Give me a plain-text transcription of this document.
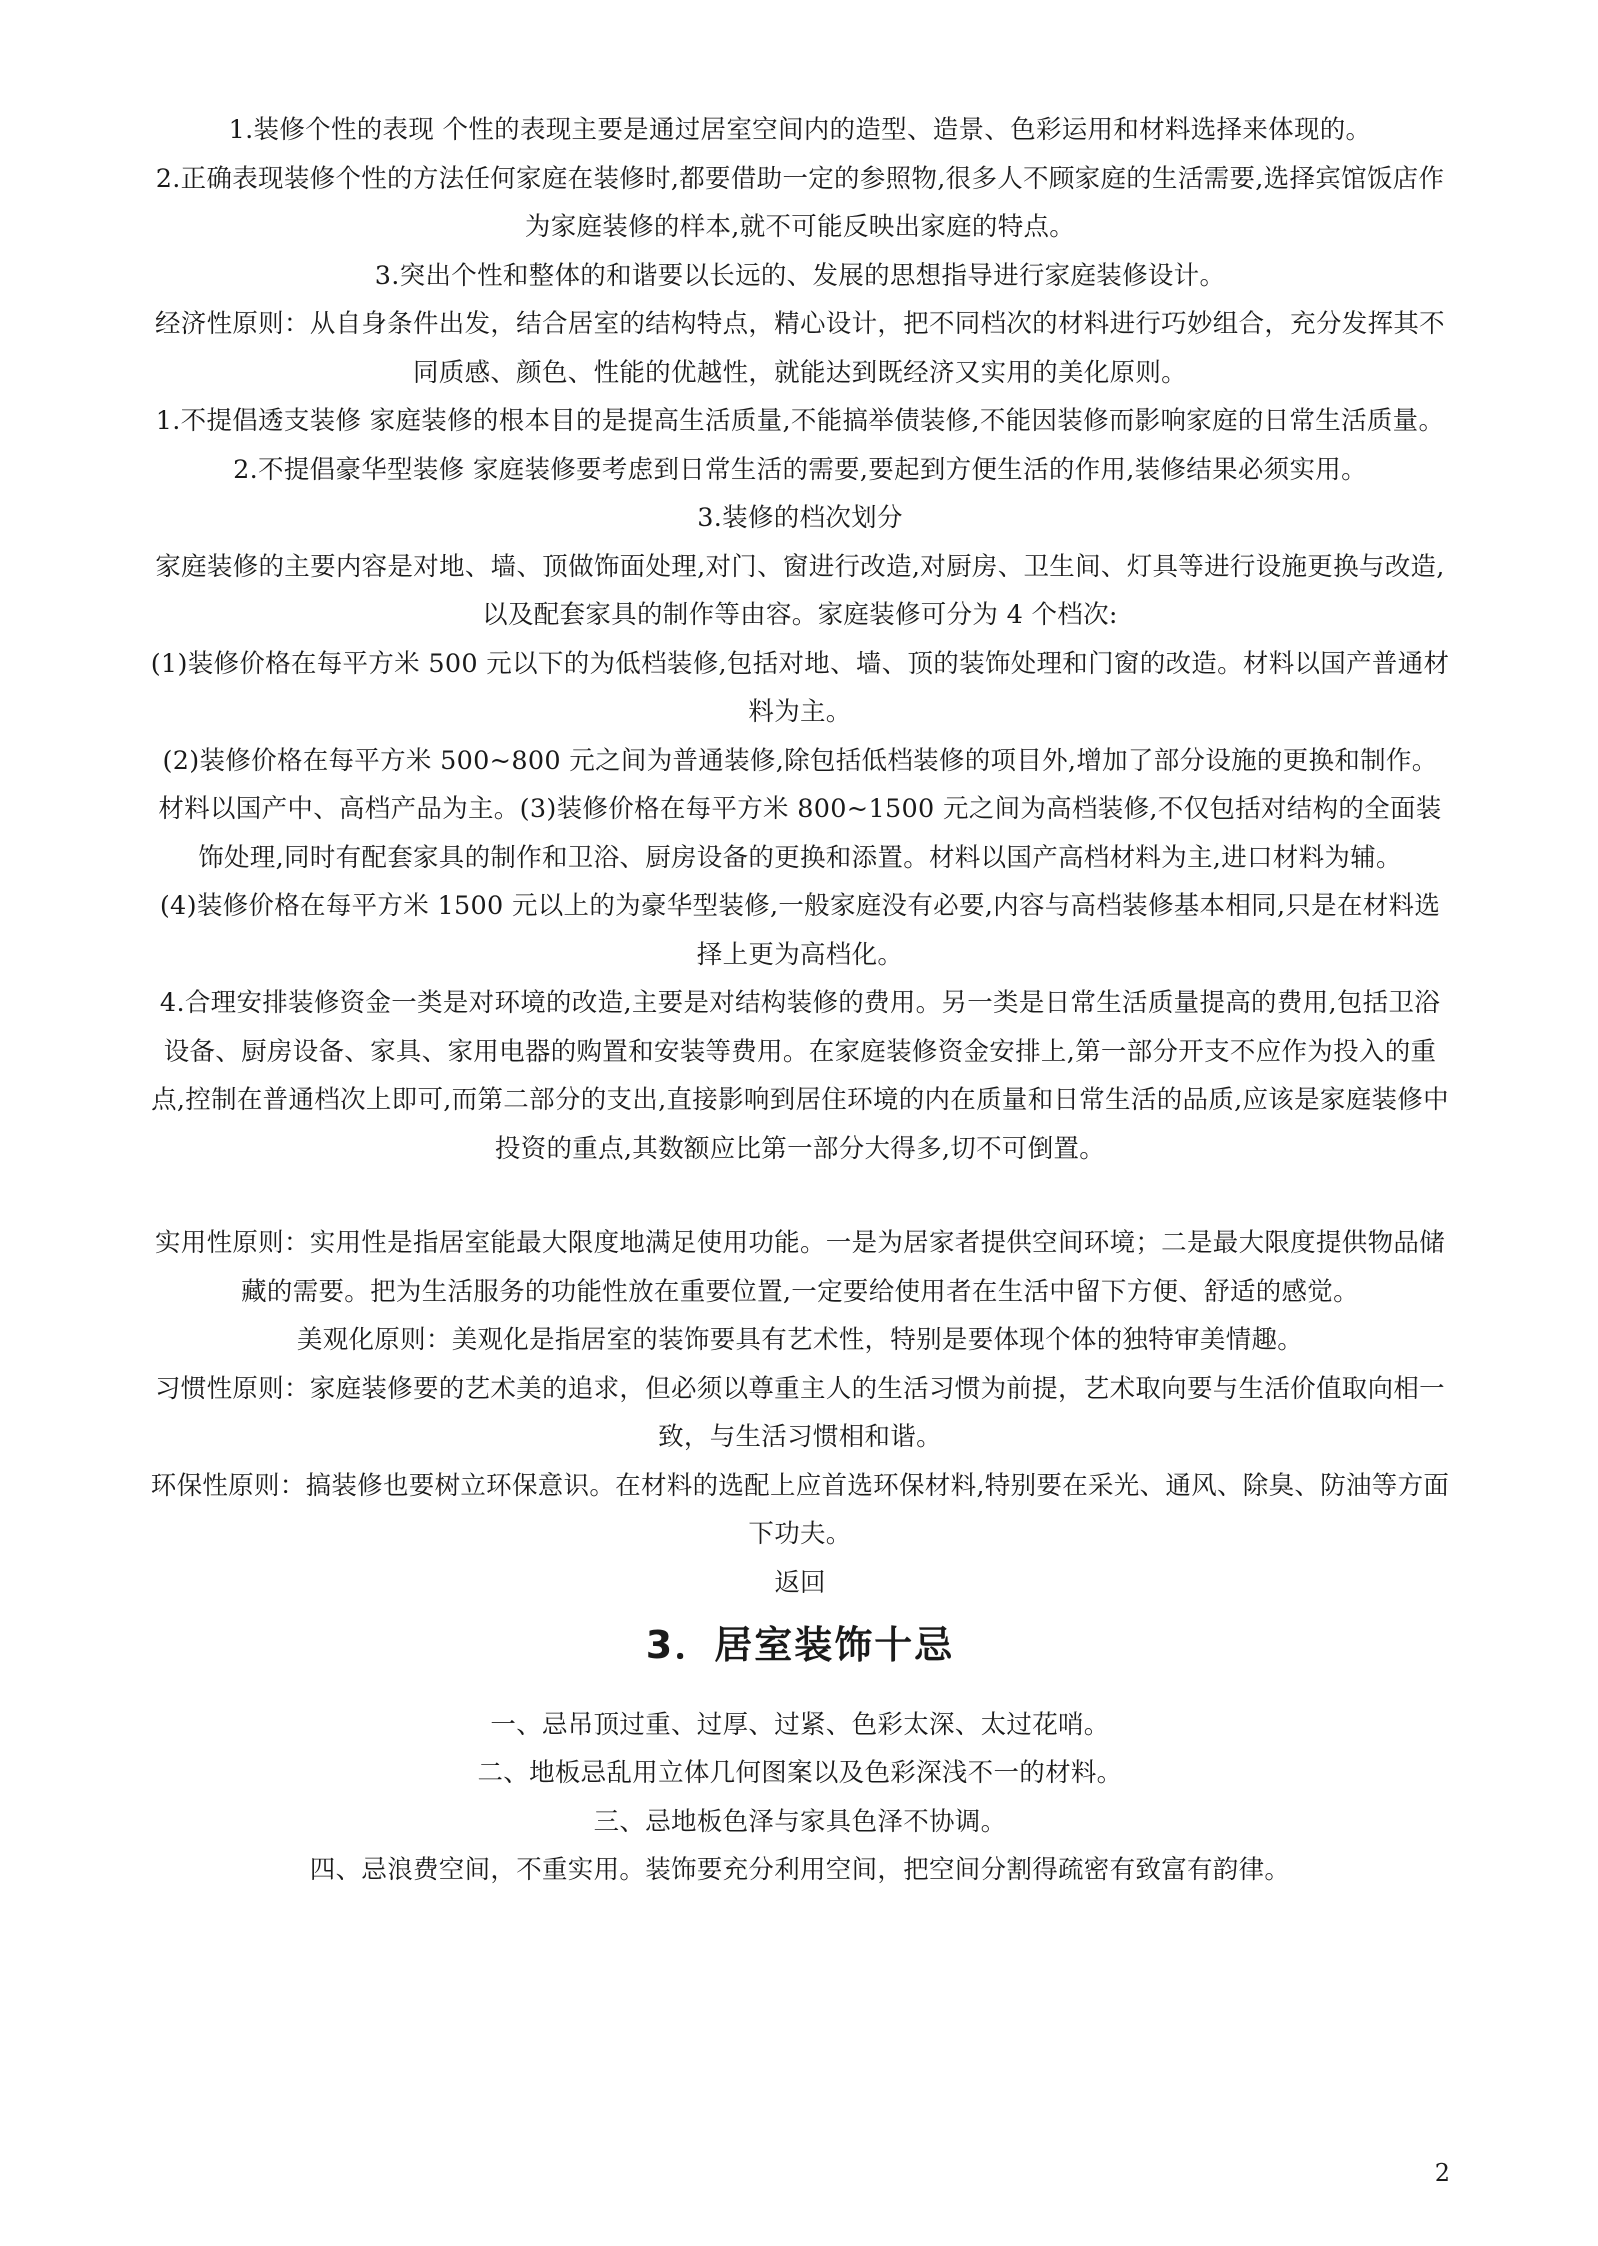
1.装修个性的表现 个性的表现主要是通过居室空间内的造型、造景、色彩运用和材料选择来体现的。

2.正确表现装修个性的方法任何家庭在装修时,都要借助一定的参照物,很多人不顾家庭的生活需要,选择宾馆饭店作为家庭装修的样本,就不可能反映出家庭的特点。

3.突出个性和整体的和谐要以长远的、发展的思想指导进行家庭装修设计。

经济性原则：从自身条件出发，结合居室的结构特点，精心设计，把不同档次的材料进行巧妙组合，充分发挥其不同质感、颜色、性能的优越性，就能达到既经济又实用的美化原则。

1.不提倡透支装修 家庭装修的根本目的是提高生活质量,不能搞举债装修,不能因装修而影响家庭的日常生活质量。

2.不提倡豪华型装修 家庭装修要考虑到日常生活的需要,要起到方便生活的作用,装修结果必须实用。

3.装修的档次划分

家庭装修的主要内容是对地、墙、顶做饰面处理,对门、窗进行改造,对厨房、卫生间、灯具等进行设施更换与改造,以及配套家具的制作等由容。家庭装修可分为 4 个档次:

(1)装修价格在每平方米 500 元以下的为低档装修,包括对地、墙、顶的装饰处理和门窗的改造。材料以国产普通材料为主。

(2)装修价格在每平方米 500~800 元之间为普通装修,除包括低档装修的项目外,增加了部分设施的更换和制作。材料以国产中、高档产品为主。(3)装修价格在每平方米 800~1500 元之间为高档装修,不仅包括对结构的全面装饰处理,同时有配套家具的制作和卫浴、厨房设备的更换和添置。材料以国产高档材料为主,进口材料为辅。

(4)装修价格在每平方米 1500 元以上的为豪华型装修,一般家庭没有必要,内容与高档装修基本相同,只是在材料选择上更为高档化。

4.合理安排装修资金一类是对环境的改造,主要是对结构装修的费用。另一类是日常生活质量提高的费用,包括卫浴设备、厨房设备、家具、家用电器的购置和安装等费用。在家庭装修资金安排上,第一部分开支不应作为投入的重点,控制在普通档次上即可,而第二部分的支出,直接影响到居住环境的内在质量和日常生活的品质,应该是家庭装修中投资的重点,其数额应比第一部分大得多,切不可倒置。

实用性原则：实用性是指居室能最大限度地满足使用功能。一是为居家者提供空间环境；二是最大限度提供物品储藏的需要。把为生活服务的功能性放在重要位置,一定要给使用者在生活中留下方便、舒适的感觉。

美观化原则：美观化是指居室的装饰要具有艺术性，特别是要体现个体的独特审美情趣。

习惯性原则：家庭装修要的艺术美的追求，但必须以尊重主人的生活习惯为前提，艺术取向要与生活价值取向相一致，与生活习惯相和谐。

环保性原则：搞装修也要树立环保意识。在材料的选配上应首选环保材料,特别要在采光、通风、除臭、防油等方面下功夫。

返回

3．居室装饰十忌

一、忌吊顶过重、过厚、过紧、色彩太深、太过花哨。

二、地板忌乱用立体几何图案以及色彩深浅不一的材料。

三、忌地板色泽与家具色泽不协调。

四、忌浪费空间，不重实用。装饰要充分利用空间，把空间分割得疏密有致富有韵律。

2
